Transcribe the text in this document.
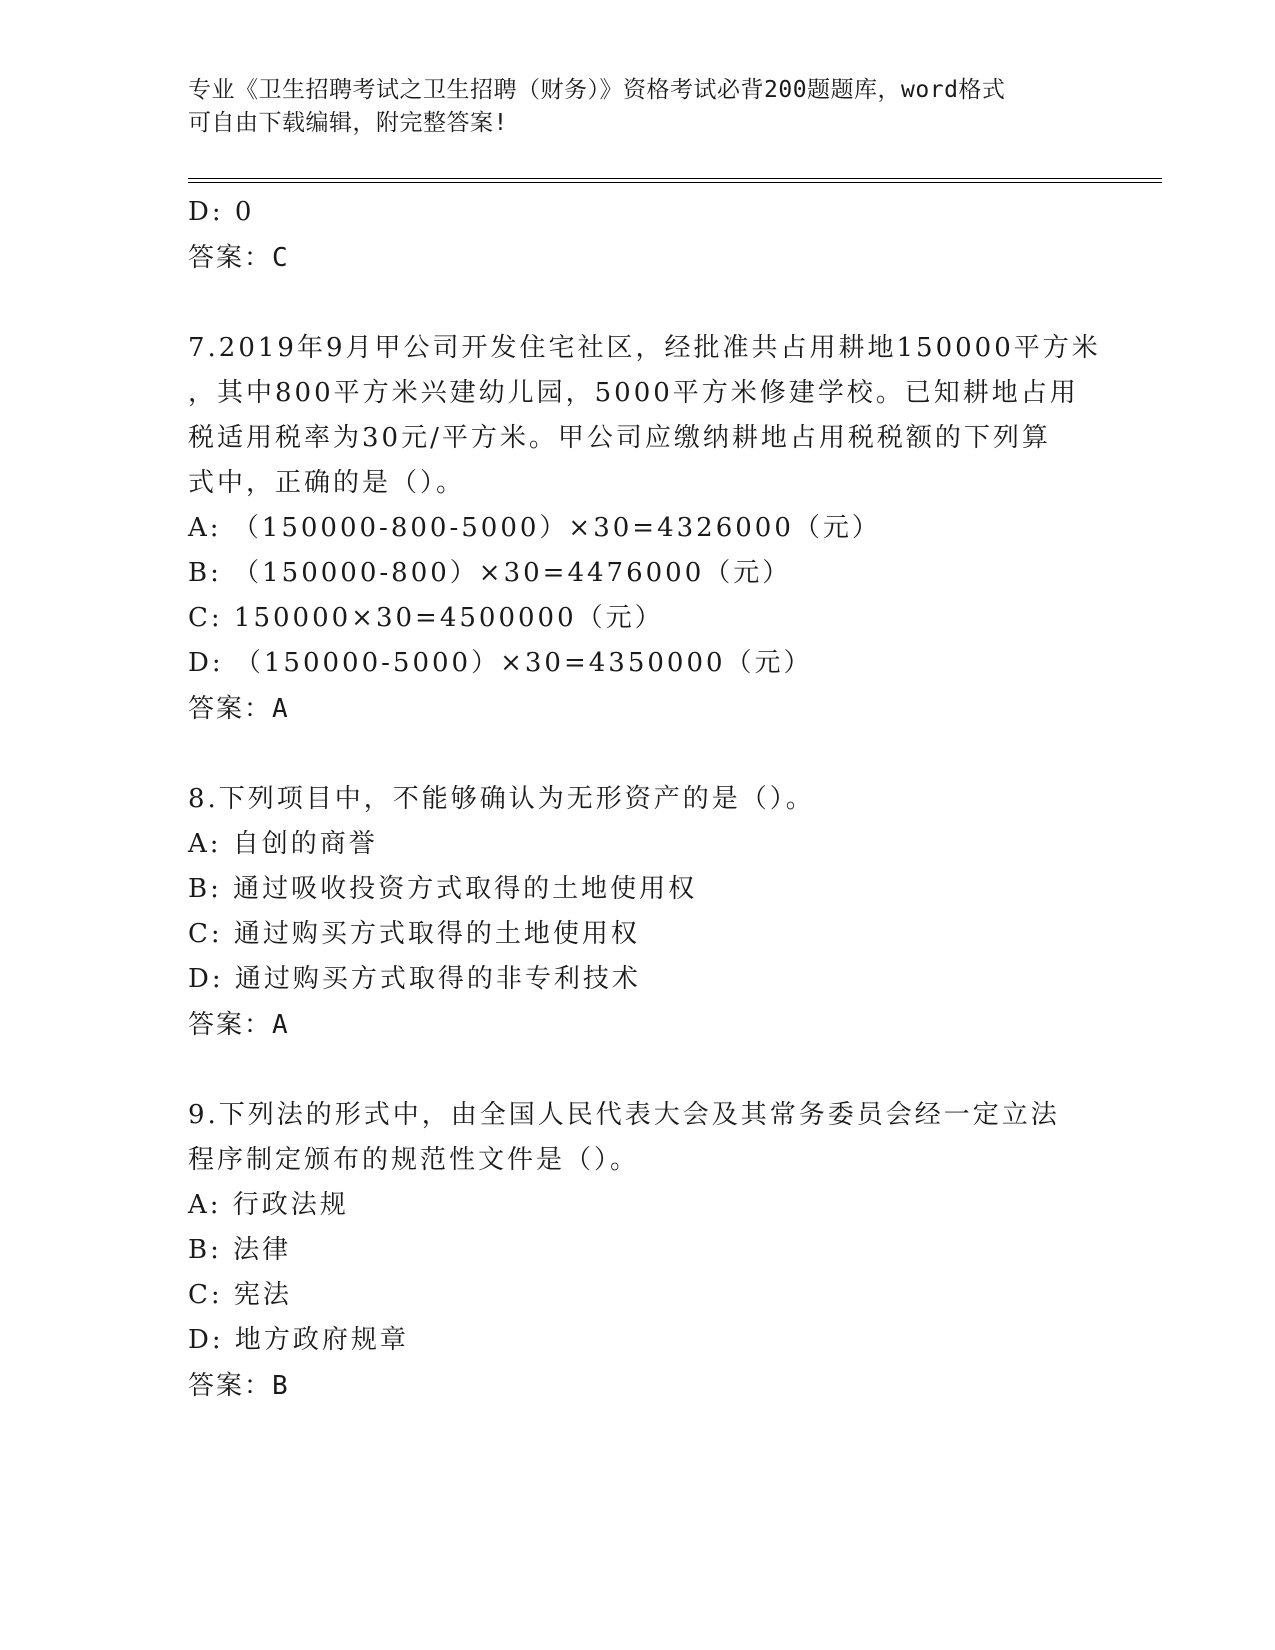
专业《卫生招聘考试之卫生招聘（财务）》资格考试必背200题题库，word格式
可自由下载编辑，附完整答案!
D: 0
答案：C
7.2019年9月甲公司开发住宅社区，经批准共占用耕地150000平方米
，其中800平方米兴建幼儿园，5000平方米修建学校。已知耕地占用
税适用税率为30元/平方米。甲公司应缴纳耕地占用税税额的下列算
式中，正确的是（）。
A: （150000-800-5000）×30=4326000（元）
B: （150000-800）×30=4476000（元）
C: 150000×30=4500000（元）
D: （150000-5000）×30=4350000（元）
答案：A
8.下列项目中，不能够确认为无形资产的是（）。
A: 自创的商誉
B: 通过吸收投资方式取得的土地使用权
C: 通过购买方式取得的土地使用权
D: 通过购买方式取得的非专利技术
答案：A
9.下列法的形式中，由全国人民代表大会及其常务委员会经一定立法
程序制定颁布的规范性文件是（）。
A: 行政法规
B: 法律
C: 宪法
D: 地方政府规章
答案：B
